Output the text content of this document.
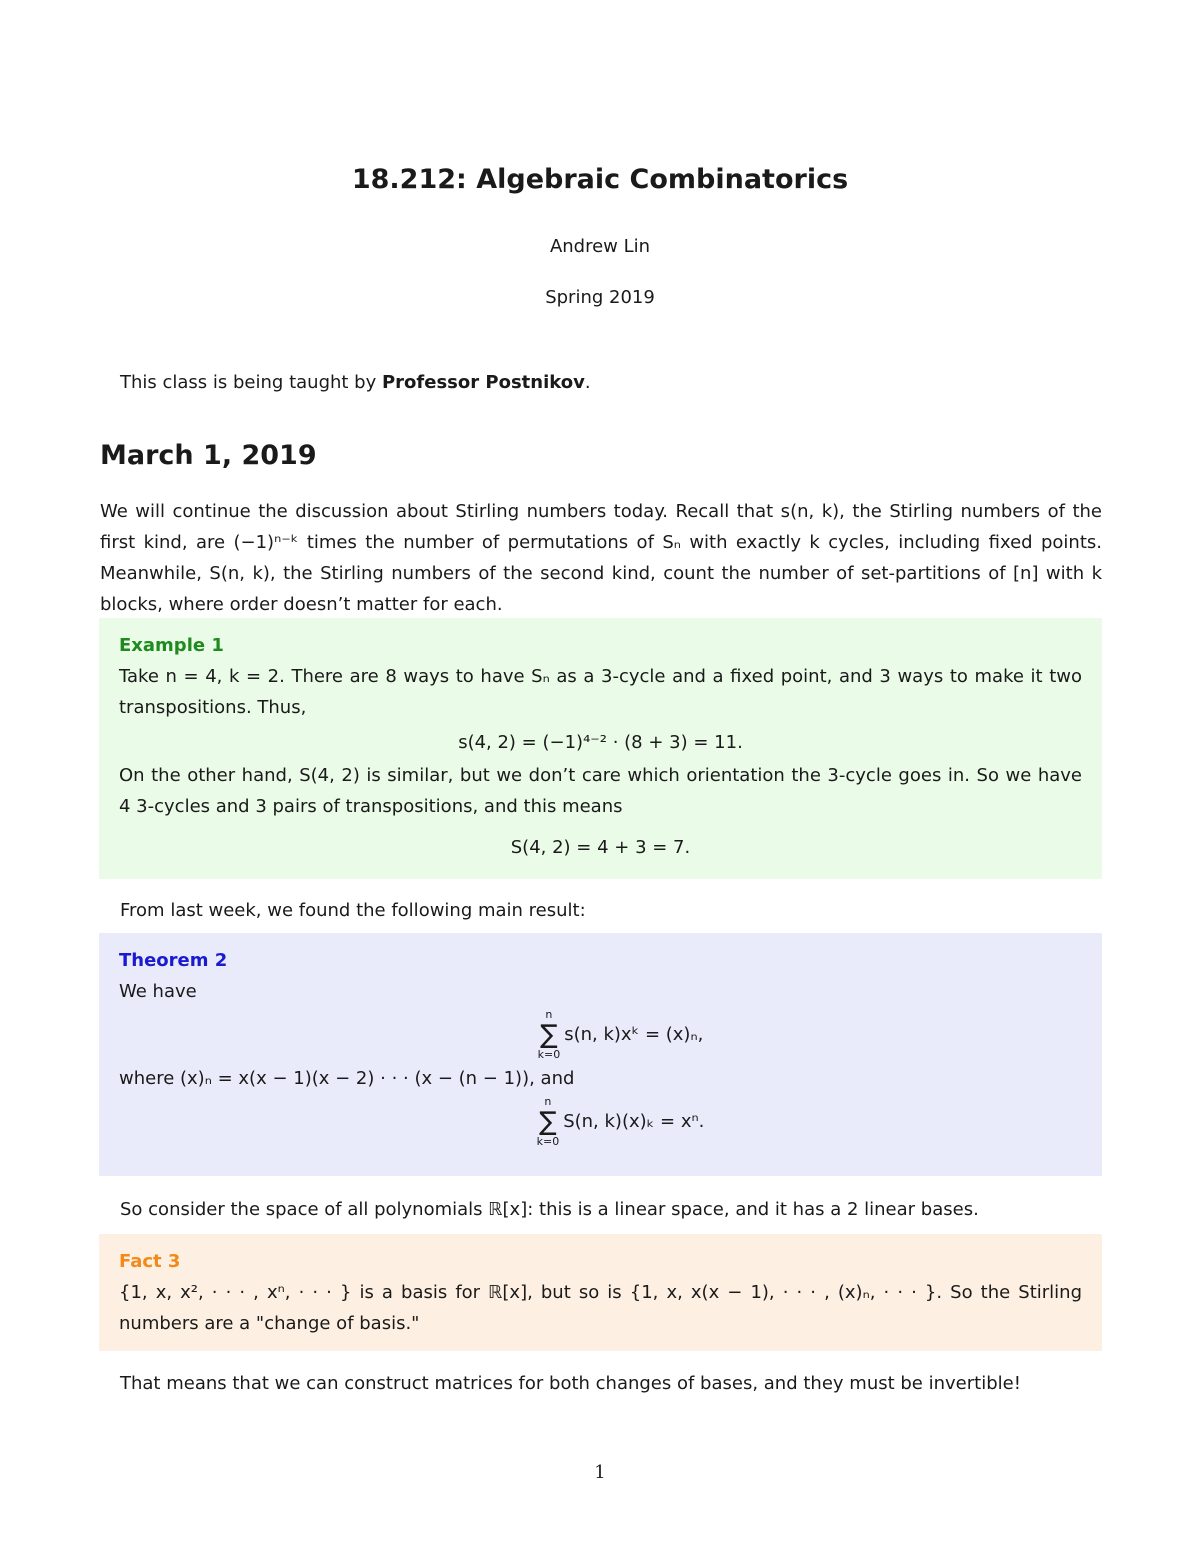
18.212: Algebraic Combinatorics
Andrew Lin
Spring 2019
This class is being taught by Professor Postnikov.
March 1, 2019
We will continue the discussion about Stirling numbers today. Recall that s(n, k), the Stirling numbers of the first kind, are (−1)ⁿ⁻ᵏ times the number of permutations of Sₙ with exactly k cycles, including fixed points. Meanwhile, S(n, k), the Stirling numbers of the second kind, count the number of set-partitions of [n] with k blocks, where order doesn’t matter for each.
Example 1
Take n = 4, k = 2. There are 8 ways to have Sₙ as a 3-cycle and a fixed point, and 3 ways to make it two transpositions. Thus,
s(4, 2) = (−1)⁴⁻² · (8 + 3) = 11.
On the other hand, S(4, 2) is similar, but we don’t care which orientation the 3-cycle goes in. So we have 4 3-cycles and 3 pairs of transpositions, and this means
S(4, 2) = 4 + 3 = 7.
From last week, we found the following main result:
Theorem 2
We have
n
∑
k=0
s(n, k)xᵏ = (x)ₙ,
where (x)ₙ = x(x − 1)(x − 2) · · · (x − (n − 1)), and
n
∑
k=0
S(n, k)(x)ₖ = xⁿ.
So consider the space of all polynomials ℝ[x]: this is a linear space, and it has a 2 linear bases.
Fact 3
{1, x, x², · · · , xⁿ, · · · } is a basis for ℝ[x], but so is {1, x, x(x − 1), · · · , (x)ₙ, · · · }. So the Stirling numbers are a "change of basis."
That means that we can construct matrices for both changes of bases, and they must be invertible!
1
